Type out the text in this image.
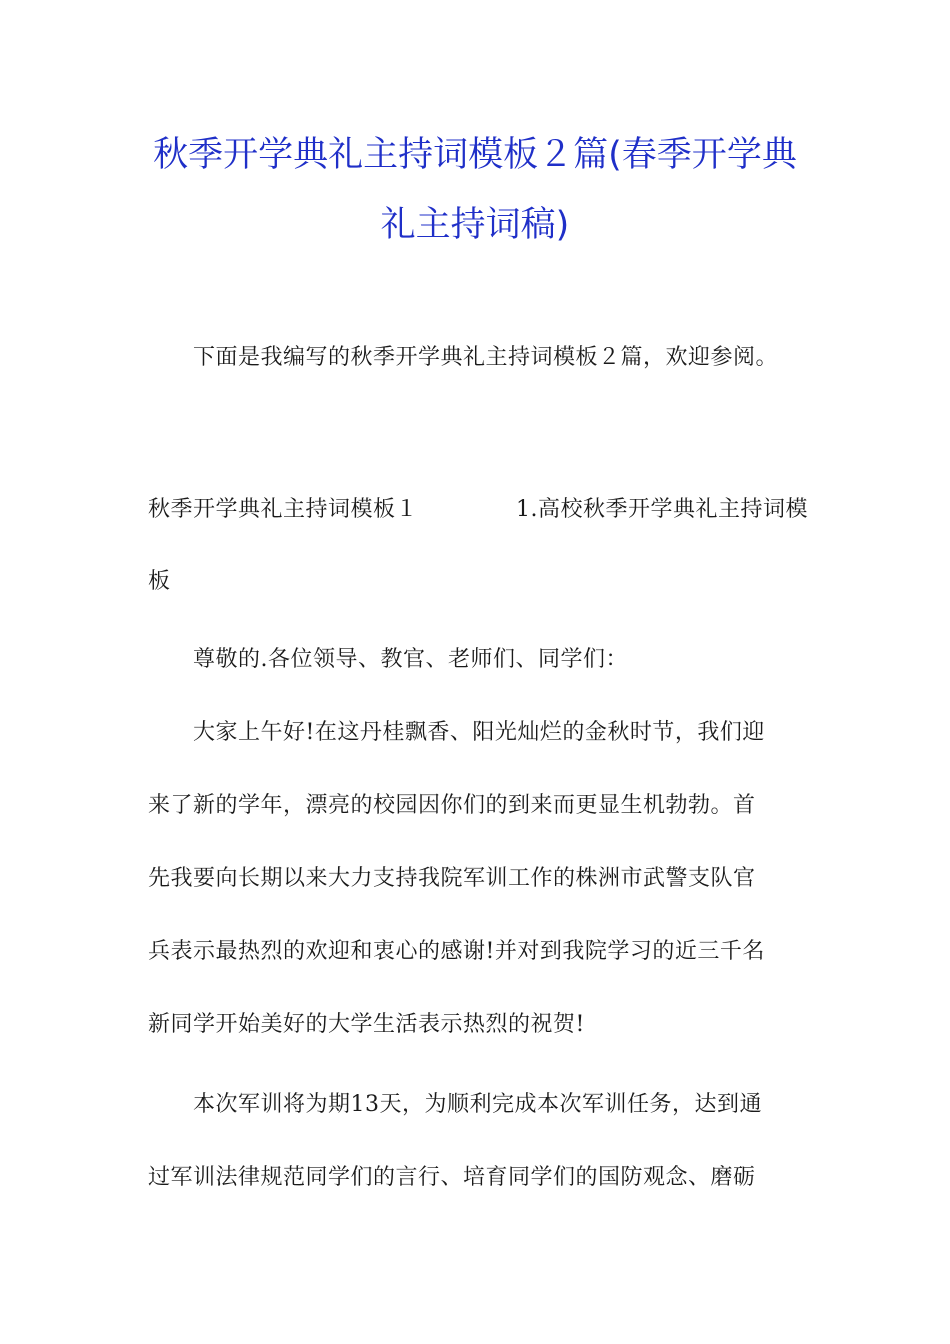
秋季开学典礼主持词模板２篇(春季开学典
礼主持词稿)
下面是我编写的秋季开学典礼主持词模板２篇，欢迎参阅。
秋季开学典礼主持词模板１	1.高校秋季开学典礼主持词模
板
尊敬的.各位领导、教官、老师们、同学们：
大家上午好!在这丹桂飘香、阳光灿烂的金秋时节，我们迎
来了新的学年，漂亮的校园因你们的到来而更显生机勃勃。首
先我要向长期以来大力支持我院军训工作的株洲市武警支队官
兵表示最热烈的欢迎和衷心的感谢!并对到我院学习的近三千名
新同学开始美好的大学生活表示热烈的祝贺!
本次军训将为期13天，为顺利完成本次军训任务，达到通
过军训法律规范同学们的言行、培育同学们的国防观念、磨砺
